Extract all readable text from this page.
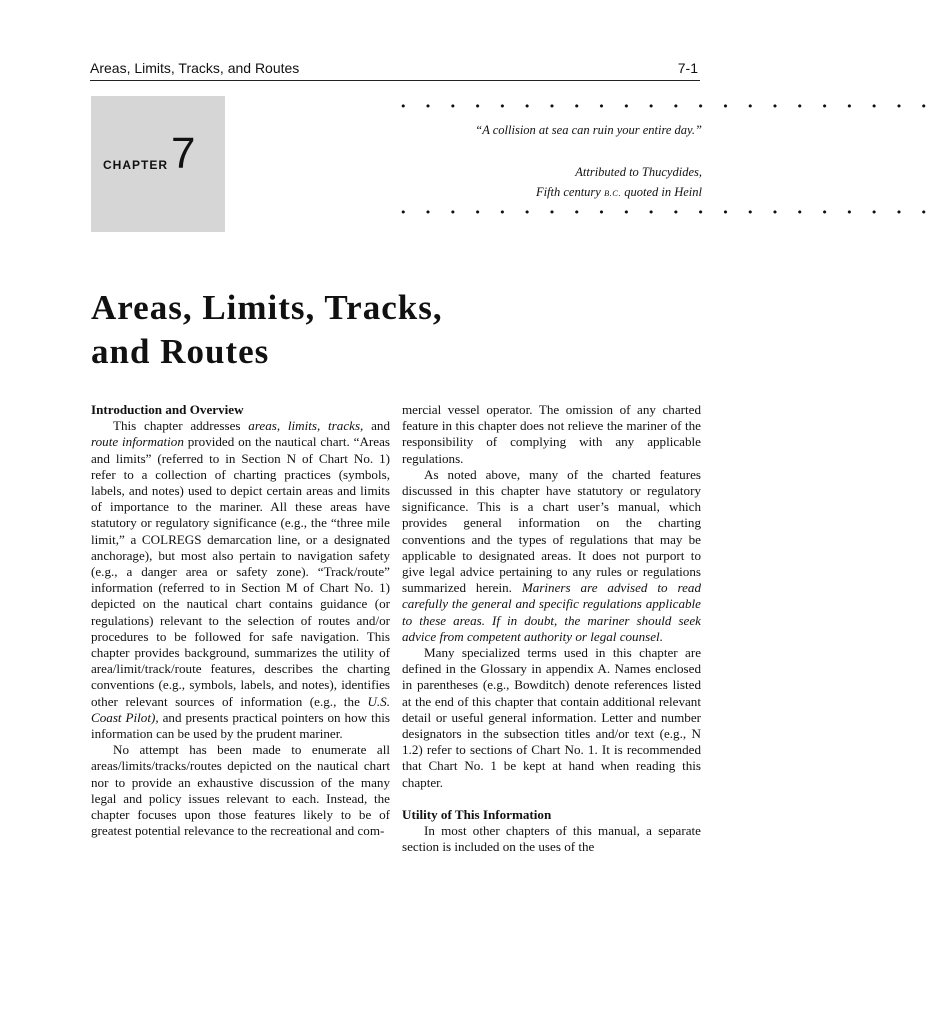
Areas, Limits, Tracks, and Routes	7-1
CHAPTER 7
• • • • • • • • • • • • • • • • • • • • • •
“A collision at sea can ruin your entire day.”
Attributed to Thucydides,
Fifth century B.C. quoted in Heinl
• • • • • • • • • • • • • • • • • • • • • •
Areas, Limits, Tracks,
and Routes
Introduction and Overview

This chapter addresses areas, limits, tracks, and route information provided on the nautical chart. “Areas and limits” (referred to in Section N of Chart No. 1) refer to a collection of charting practices (symbols, labels, and notes) used to depict certain areas and limits of importance to the mariner. All these areas have statutory or regulatory significance (e.g., the “three mile limit,” a COLREGS demarcation line, or a designated anchorage), but most also pertain to navigation safety (e.g., a danger area or safety zone). “Track/route” information (referred to in Section M of Chart No. 1) depicted on the nautical chart contains guidance (or regulations) relevant to the selection of routes and/or procedures to be followed for safe navigation. This chapter provides background, summarizes the utility of area/limit/track/route features, describes the charting conventions (e.g., symbols, labels, and notes), identifies other relevant sources of information (e.g., the U.S. Coast Pilot), and presents practical pointers on how this information can be used by the prudent mariner.

No attempt has been made to enumerate all areas/limits/tracks/routes depicted on the nautical chart nor to provide an exhaustive discussion of the many legal and policy issues relevant to each. Instead, the chapter focuses upon those features likely to be of greatest potential relevance to the recreational and com-

mercial vessel operator. The omission of any charted feature in this chapter does not relieve the mariner of the responsibility of complying with any applicable regulations.

As noted above, many of the charted features discussed in this chapter have statutory or regulatory significance. This is a chart user’s manual, which provides general information on the charting conventions and the types of regulations that may be applicable to designated areas. It does not purport to give legal advice pertaining to any rules or regulations summarized herein. Mariners are advised to read carefully the general and specific regulations applicable to these areas. If in doubt, the mariner should seek advice from competent authority or legal counsel.

Many specialized terms used in this chapter are defined in the Glossary in appendix A. Names enclosed in parentheses (e.g., Bowditch) denote references listed at the end of this chapter that contain additional relevant detail or useful general information. Letter and number designators in the subsection titles and/or text (e.g., N 1.2) refer to sections of Chart No. 1. It is recommended that Chart No. 1 be kept at hand when reading this chapter.

Utility of This Information

In most other chapters of this manual, a separate section is included on the uses of the
